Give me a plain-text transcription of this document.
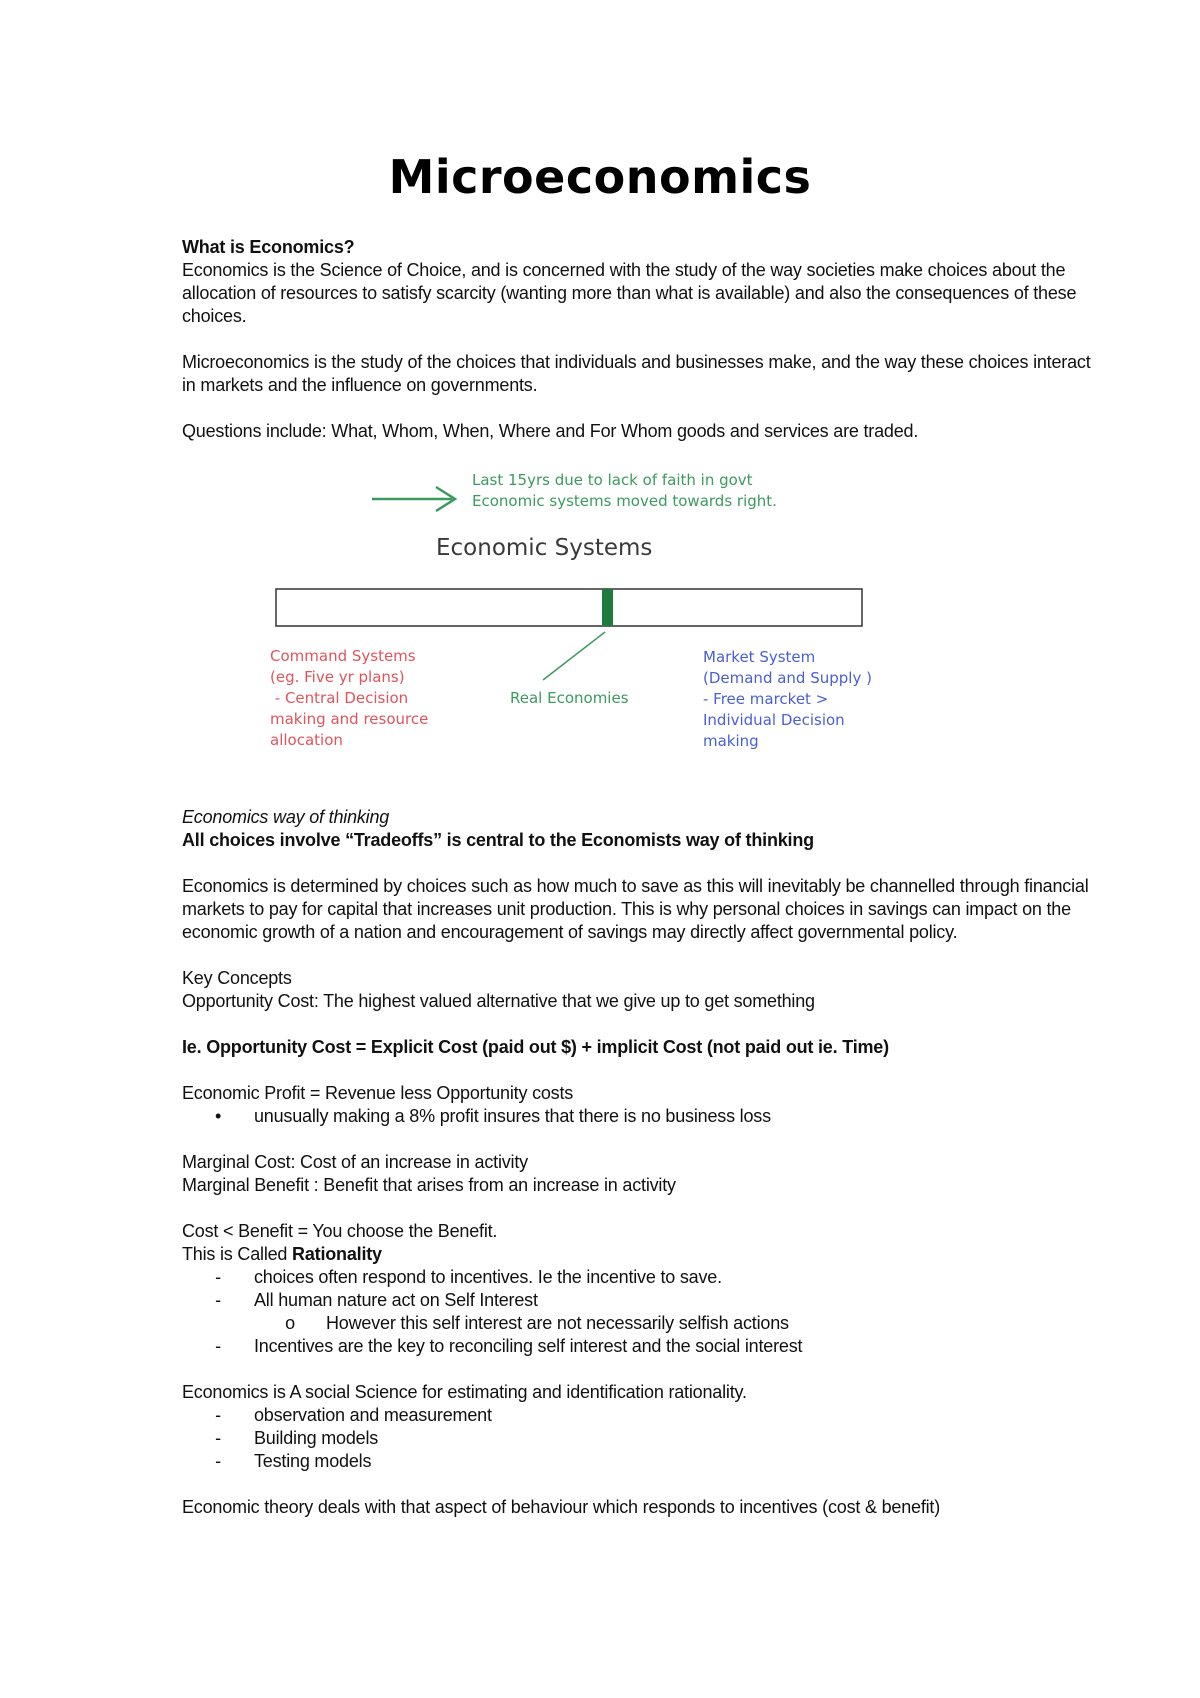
Microeconomics

What is Economics?

Economics is the Science of Choice, and is concerned with the study of the way societies make choices about the allocation of resources to satisfy scarcity (wanting more than what is available) and also the consequences of these choices.

Microeconomics is the study of the choices that individuals and businesses make, and the way these choices interact in markets and the influence on governments.

Questions include: What, Whom, When, Where and For Whom goods and services are traded.

Last 15yrs due to lack of faith in govt
Economic systems moved towards right.
Economic Systems
Command Systems
(eg. Five yr plans)
- Central Decision
making and resource
allocation
Real Economies
Market System
(Demand and Supply )
- Free marcket >
Individual Decision
making

Economics way of thinking

All choices involve “Tradeoffs” is central to the Economists way of thinking

Economics is determined by choices such as how much to save as this will inevitably be channelled through financial markets to pay for capital that increases unit production. This is why personal choices in savings can impact on the economic growth of a nation and encouragement of savings may directly affect governmental policy.

Key Concepts

Opportunity Cost: The highest valued alternative that we give up to get something

Ie. Opportunity Cost = Explicit Cost (paid out $) + implicit Cost (not paid out ie. Time)

Economic Profit = Revenue less Opportunity costs

•	unusually making a 8% profit insures that there is no business loss

Marginal Cost: Cost of an increase in activity

Marginal Benefit : Benefit that arises from an increase in activity

Cost < Benefit = You choose the Benefit.

This is Called Rationality

-	choices often respond to incentives. Ie the incentive to save.
-	All human nature act on Self Interest
o	However this self interest are not necessarily selfish actions
-	Incentives are the key to reconciling self interest and the social interest

Economics is A social Science for estimating and identification rationality.

-	observation and measurement
-	Building models
-	Testing models

Economic theory deals with that aspect of behaviour which responds to incentives (cost & benefit)
